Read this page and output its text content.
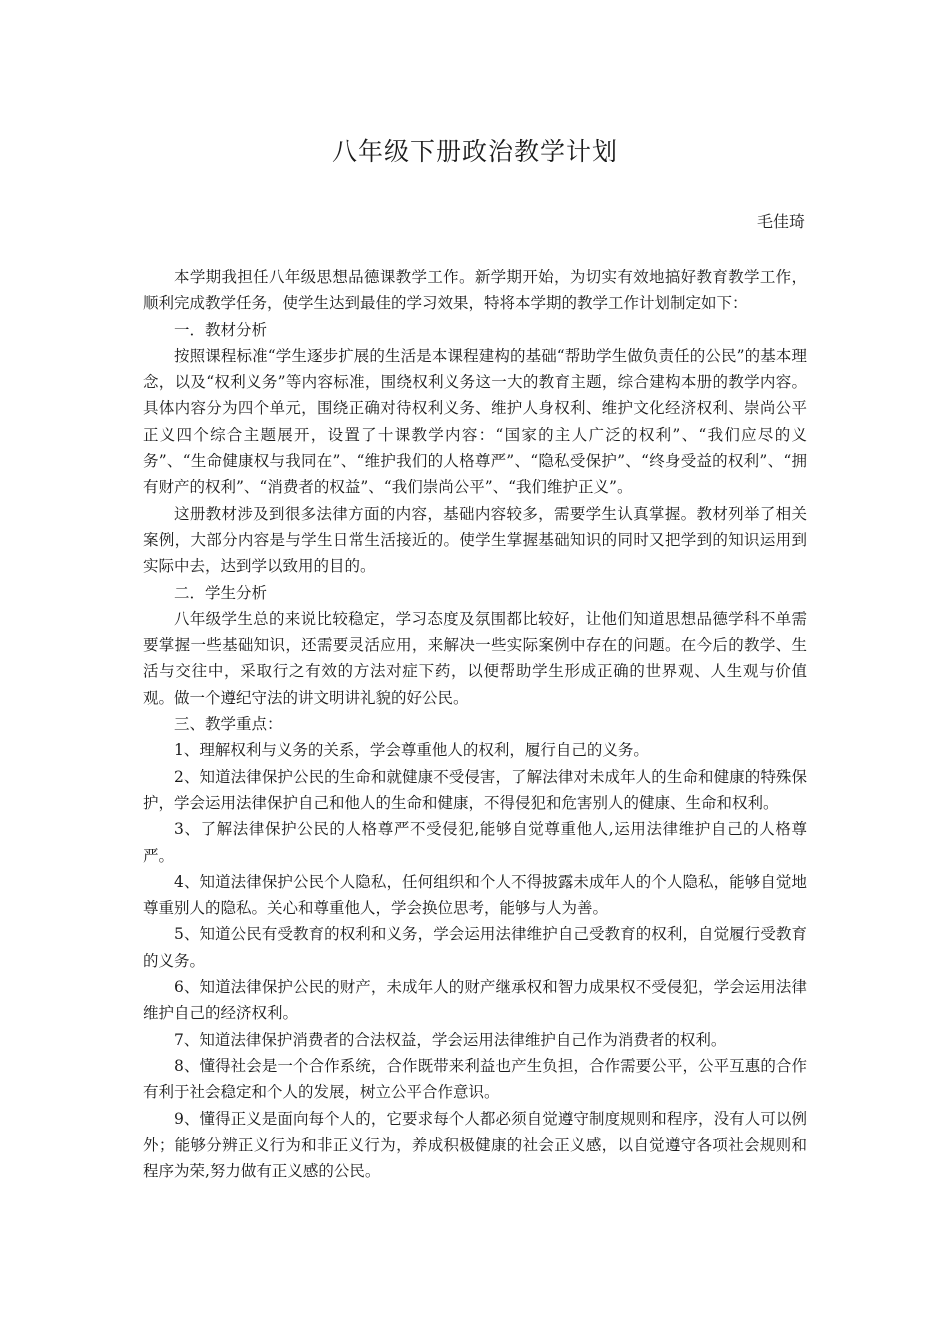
八年级下册政治教学计划

毛佳琦

本学期我担任八年级思想品德课教学工作。新学期开始，为切实有效地搞好教育教学工作，顺利完成教学任务，使学生达到最佳的学习效果，特将本学期的教学工作计划制定如下：

一．教材分析

按照课程标准“学生逐步扩展的生活是本课程建构的基础“帮助学生做负责任的公民”的基本理念，以及“权利义务”等内容标准，围绕权利义务这一大的教育主题，综合建构本册的教学内容。具体内容分为四个单元，围绕正确对待权利义务、维护人身权利、维护文化经济权利、崇尚公平正义四个综合主题展开，设置了十课教学内容：“国家的主人广泛的权利”、“我们应尽的义务”、“生命健康权与我同在”、“维护我们的人格尊严”、“隐私受保护”、“终身受益的权利”、“拥有财产的权利”、“消费者的权益”、“我们崇尚公平”、“我们维护正义”。

这册教材涉及到很多法律方面的内容，基础内容较多，需要学生认真掌握。教材列举了相关案例，大部分内容是与学生日常生活接近的。使学生掌握基础知识的同时又把学到的知识运用到实际中去，达到学以致用的目的。

二．学生分析

八年级学生总的来说比较稳定，学习态度及氛围都比较好，让他们知道思想品德学科不单需要掌握一些基础知识，还需要灵活应用，来解决一些实际案例中存在的问题。在今后的教学、生活与交往中，采取行之有效的方法对症下药，以便帮助学生形成正确的世界观、人生观与价值观。做一个遵纪守法的讲文明讲礼貌的好公民。

三、教学重点：

1、理解权利与义务的关系，学会尊重他人的权利，履行自己的义务。

2、知道法律保护公民的生命和就健康不受侵害，了解法律对未成年人的生命和健康的特殊保护，学会运用法律保护自己和他人的生命和健康，不得侵犯和危害别人的健康、生命和权利。

3、了解法律保护公民的人格尊严不受侵犯,能够自觉尊重他人,运用法律维护自己的人格尊严。

4、知道法律保护公民个人隐私，任何组织和个人不得披露未成年人的个人隐私，能够自觉地尊重别人的隐私。关心和尊重他人，学会换位思考，能够与人为善。

5、知道公民有受教育的权利和义务，学会运用法律维护自己受教育的权利，自觉履行受教育的义务。

6、知道法律保护公民的财产，未成年人的财产继承权和智力成果权不受侵犯，学会运用法律维护自己的经济权利。

7、知道法律保护消费者的合法权益，学会运用法律维护自己作为消费者的权利。

8、懂得社会是一个合作系统，合作既带来利益也产生负担，合作需要公平，公平互惠的合作有利于社会稳定和个人的发展，树立公平合作意识。

9、懂得正义是面向每个人的，它要求每个人都必须自觉遵守制度规则和程序，没有人可以例外；能够分辨正义行为和非正义行为，养成积极健康的社会正义感，以自觉遵守各项社会规则和程序为荣,努力做有正义感的公民。
